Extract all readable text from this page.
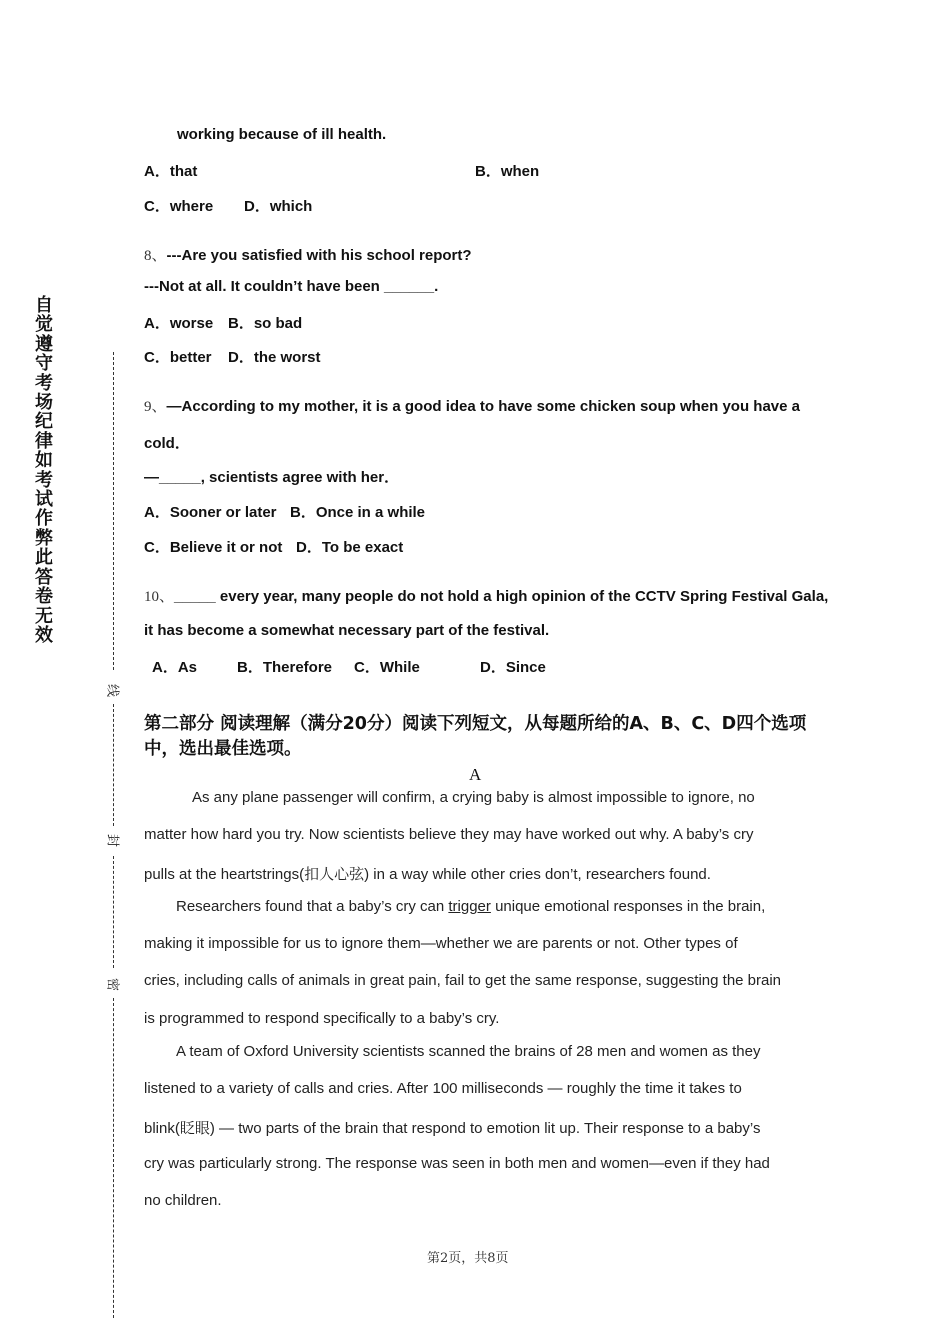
自觉遵守考场纪律如考试作弊此答卷无效
线
封
密
working because of ill health.
A．that	B．when
C．where D．which
8、---Are you satisfied with his school report?
---Not at all. It couldn’t have been ______.
A．worse B．so bad
C．better D．the worst
9、—According to my mother, it is a good idea to have some chicken soup when you have a
cold．
—_____, scientists agree with her．
A．Sooner or later B．Once in a while
C．Believe it or not D．To be exact
10、_____ every year, many people do not hold a high opinion of the CCTV Spring Festival Gala,
it has become a somewhat necessary part of the festival.
A．As	B．Therefore C．While	D．Since
第二部分 阅读理解（满分20分）阅读下列短文，从每题所给的A、B、C、D四个选项中，选出最佳选项。
A
As any plane passenger will confirm, a crying baby is almost impossible to ignore, no
matter how hard you try. Now scientists believe they may have worked out why. A baby’s cry
pulls at the heartstrings(扣人心弦) in a way while other cries don’t, researchers found.
Researchers found that a baby’s cry can trigger unique emotional responses in the brain,
making it impossible for us to ignore them—whether we are parents or not. Other types of
cries, including calls of animals in great pain, fail to get the same response, suggesting the brain
is programmed to respond specifically to a baby’s cry.
A team of Oxford University scientists scanned the brains of 28 men and women as they
listened to a variety of calls and cries. After 100 milliseconds — roughly the time it takes to
blink(眨眼) — two parts of the brain that respond to emotion lit up. Their response to a baby’s
cry was particularly strong. The response was seen in both men and women—even if they had
no children.
第2页，共8页
